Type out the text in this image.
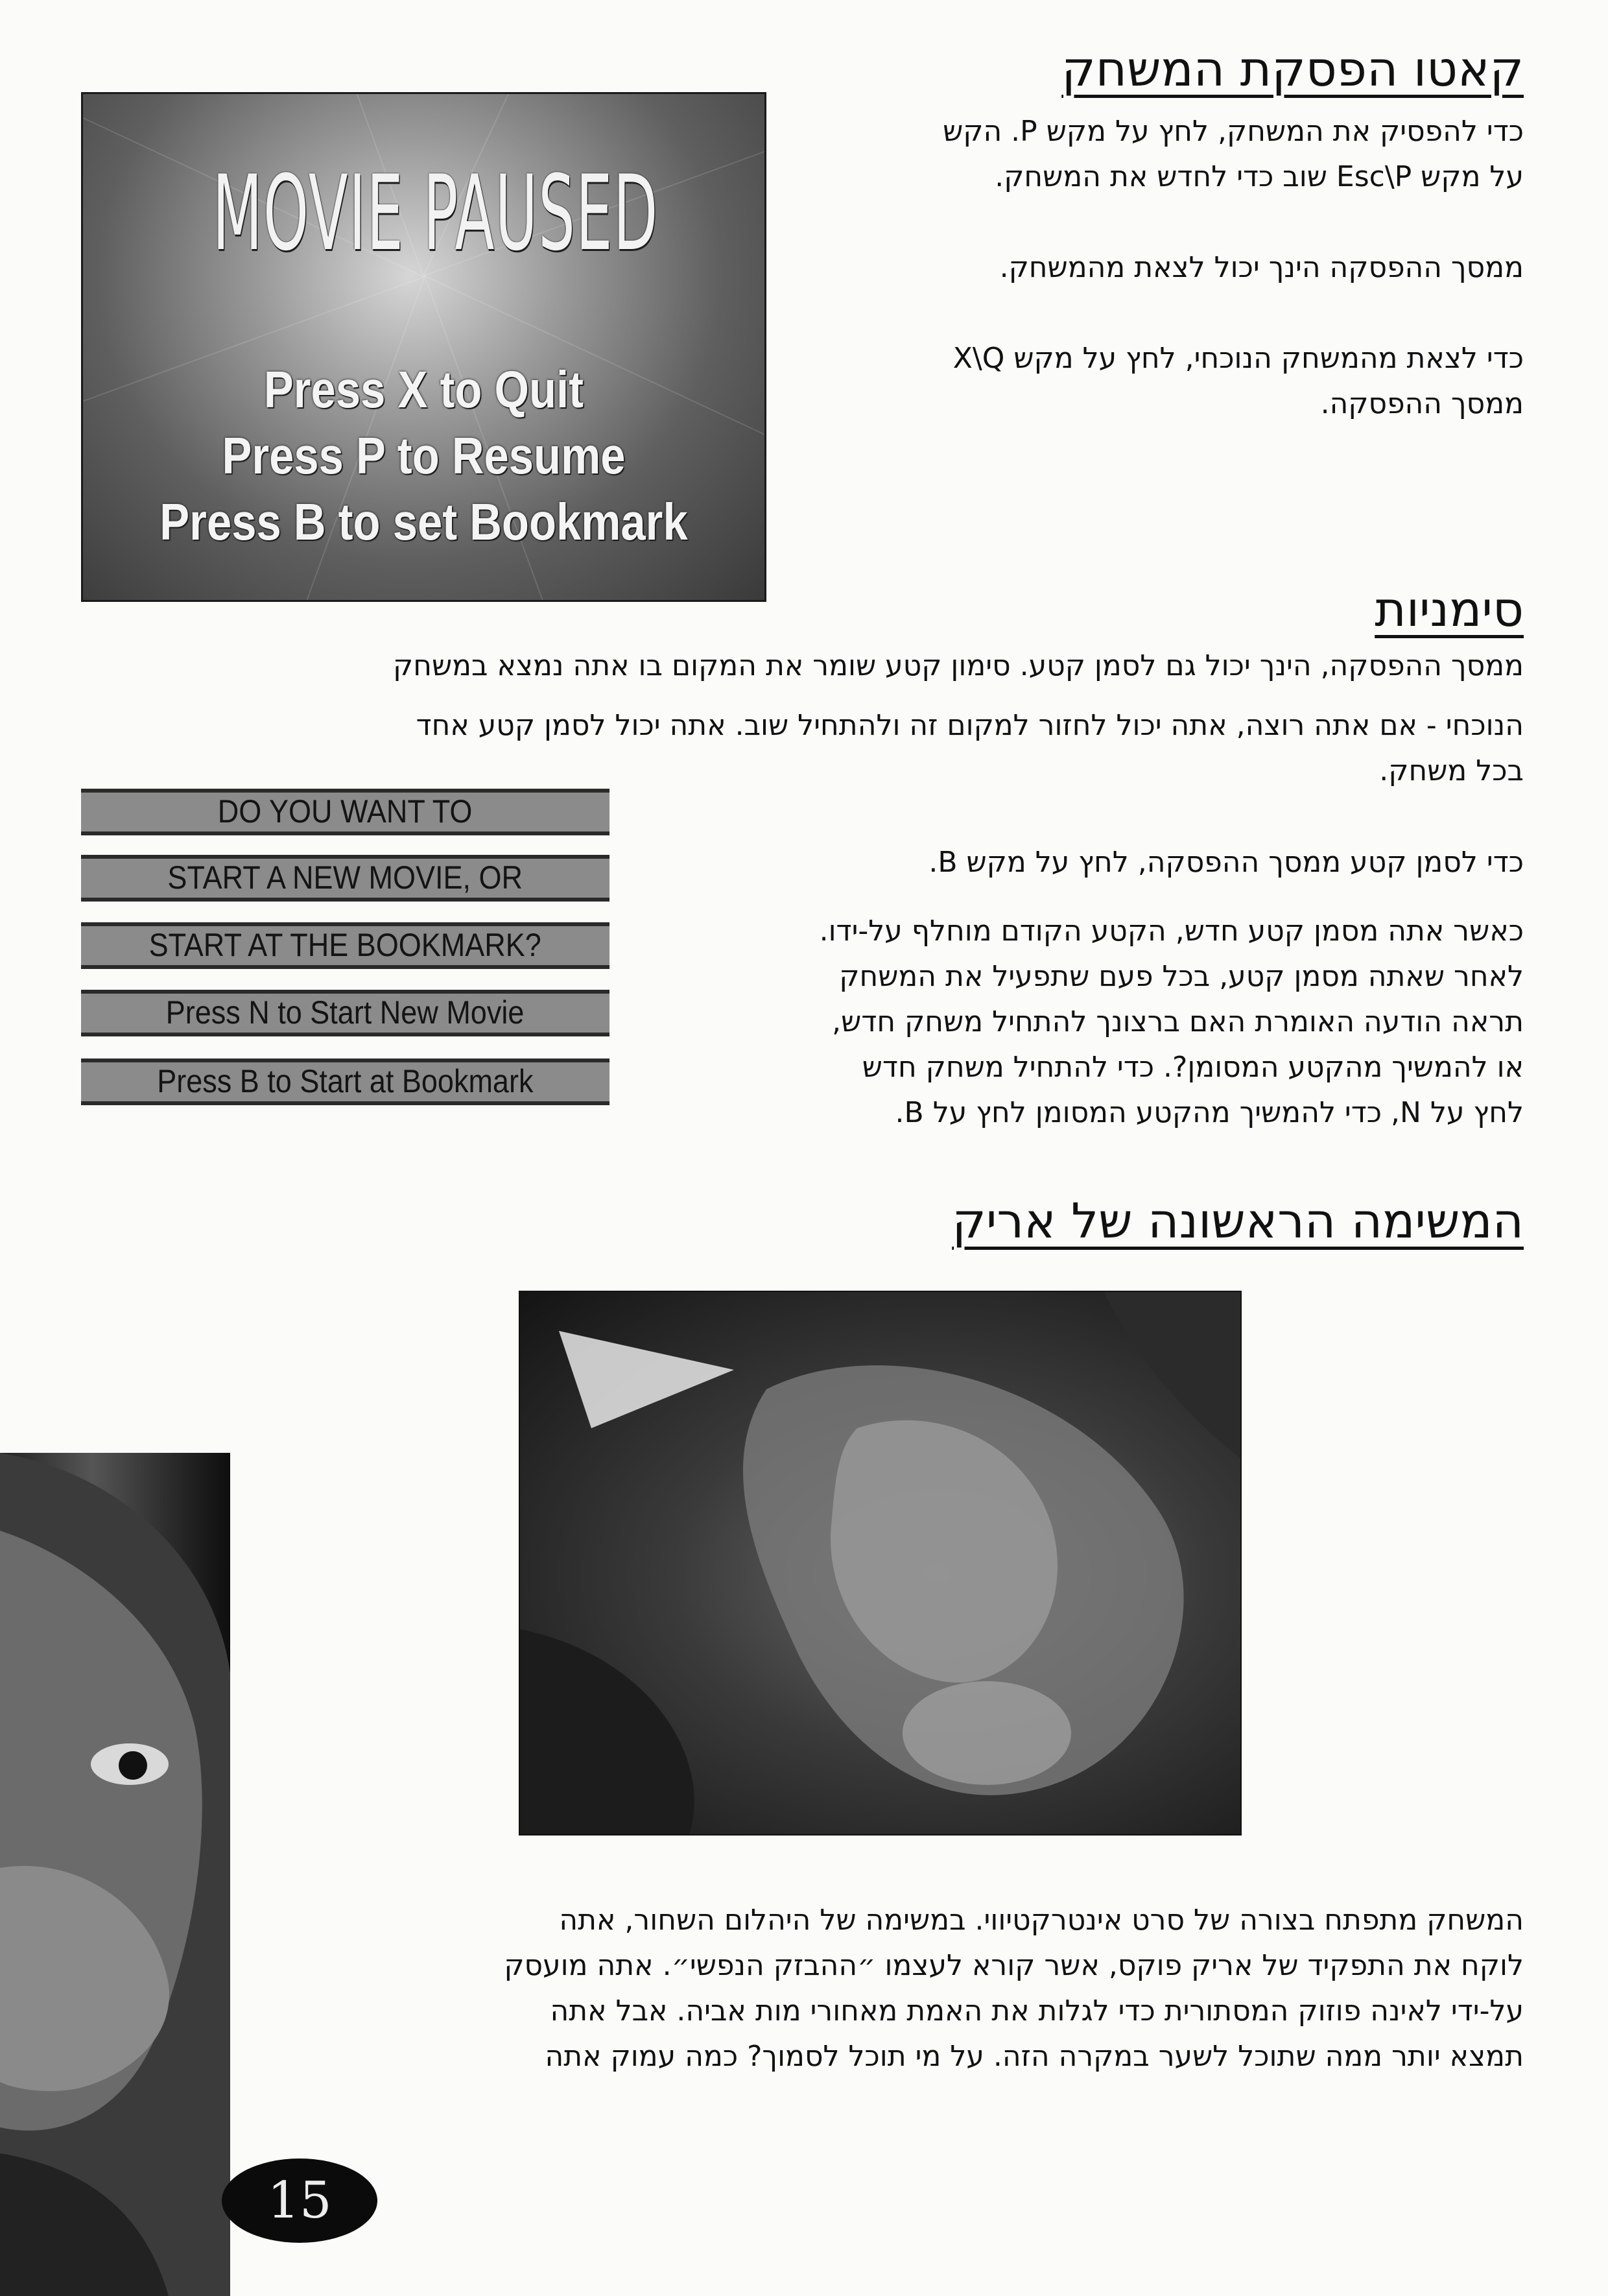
קאטו הפסקת המשחק

כדי להפסיק את המשחק, לחץ על מקש P. הקש

על מקש Esc\P שוב כדי לחדש את המשחק.

ממסך ההפסקה הינך יכול לצאת מהמשחק.

כדי לצאת מהמשחק הנוכחי, לחץ על מקש X\Q

ממסך ההפסקה.

MOVIE PAUSED
Press X to Quit
Press P to Resume
Press B to set Bookmark
סימניות

ממסך ההפסקה, הינך יכול גם לסמן קטע. סימון קטע שומר את המקום בו אתה נמצא במשחק

הנוכחי - אם אתה רוצה, אתה יכול לחזור למקום זה ולהתחיל שוב. אתה יכול לסמן קטע אחד

בכל משחק.

כדי לסמן קטע ממסך ההפסקה, לחץ על מקש B.

כאשר אתה מסמן קטע חדש, הקטע הקודם מוחלף על-ידו.

לאחר שאתה מסמן קטע, בכל פעם שתפעיל את המשחק

תראה הודעה האומרת האם ברצונך להתחיל משחק חדש,

או להמשיך מהקטע המסומן?. כדי להתחיל משחק חדש

לחץ על N, כדי להמשיך מהקטע המסומן לחץ על B.

DO YOU WANT TO
START A NEW MOVIE, OR
START AT THE BOOKMARK?
Press N to Start New Movie
Press B to Start at Bookmark
המשימה הראשונה של אריק

המשחק מתפתח בצורה של סרט אינטרקטיווי. במשימה של היהלום השחור, אתה

לוקח את התפקיד של אריק פוקס, אשר קורא לעצמו ״ההבזק הנפשי״. אתה מועסק

על-ידי לאינה פוזוק המסתורית כדי לגלות את האמת מאחורי מות אביה. אבל אתה

תמצא יותר ממה שתוכל לשער במקרה הזה. על מי תוכל לסמוך? כמה עמוק אתה

15
